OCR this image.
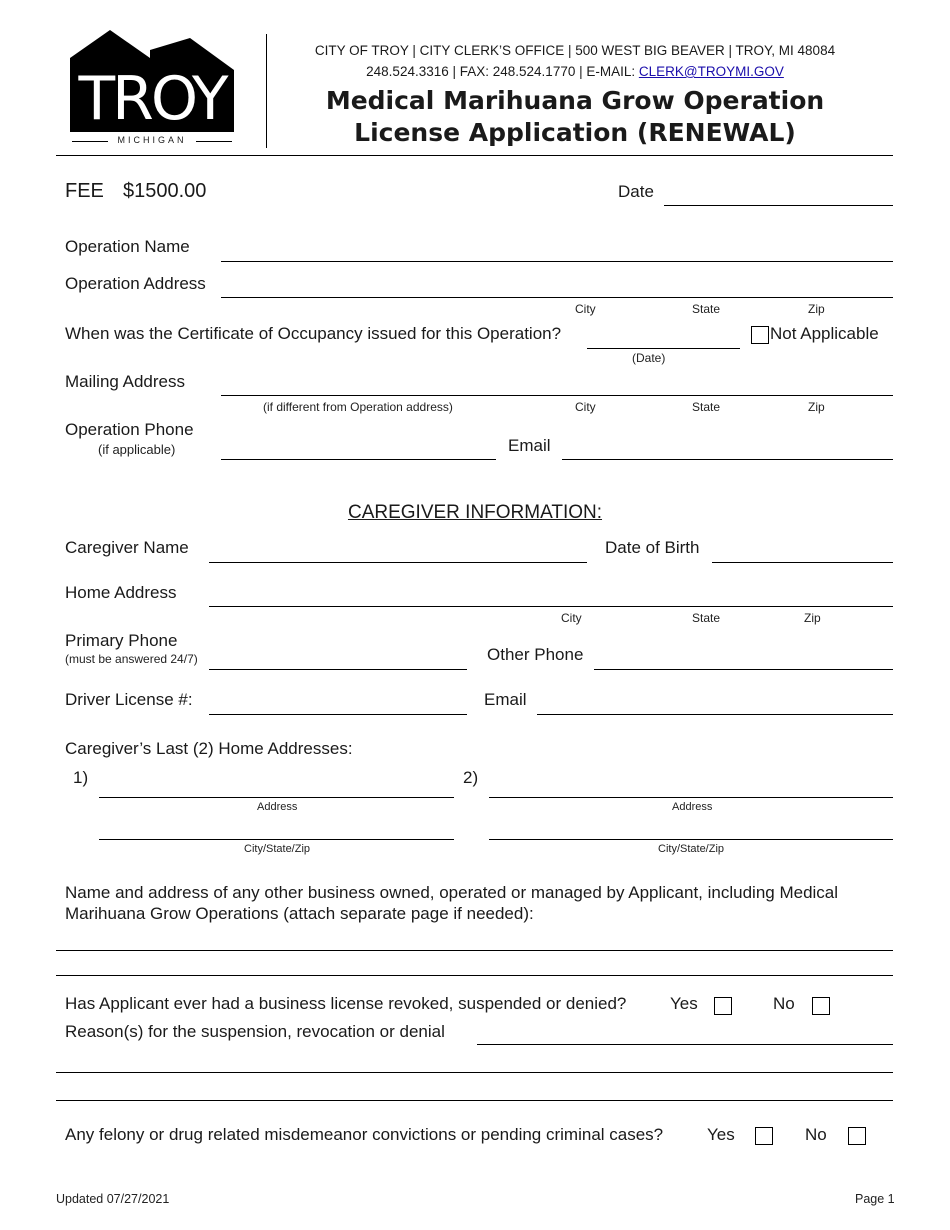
TROY
MICHIGAN
CITY OF TROY | CITY CLERK’S OFFICE | 500 WEST BIG BEAVER | TROY, MI 48084
248.524.3316 | FAX: 248.524.1770 | E-MAIL: CLERK@TROYMI.GOV
Medical Marihuana Grow Operation
License Application (RENEWAL)
FEE $1500.00	Date
Operation Name
Operation Address
City	State	Zip
When was the Certificate of Occupancy issued for this Operation?
(Date)
Not Applicable
Mailing Address
(if different from Operation address)	City	State	Zip
Operation Phone
(if applicable)	Email
CAREGIVER INFORMATION:
Caregiver Name	Date of Birth
Home Address
City	State	Zip
Primary Phone
(must be answered 24/7)	Other Phone
Driver License #:	Email
Caregiver’s Last (2) Home Addresses:
1)
Address
City/State/Zip
2)
Address
City/State/Zip
Name and address of any other business owned, operated or managed by Applicant, including Medical Marihuana Grow Operations (attach separate page if needed):
Has Applicant ever had a business license revoked, suspended or denied?	Yes	No
Reason(s) for the suspension, revocation or denial
Any felony or drug related misdemeanor convictions or pending criminal cases?	Yes	No
Updated 07/27/2021	Page 1
